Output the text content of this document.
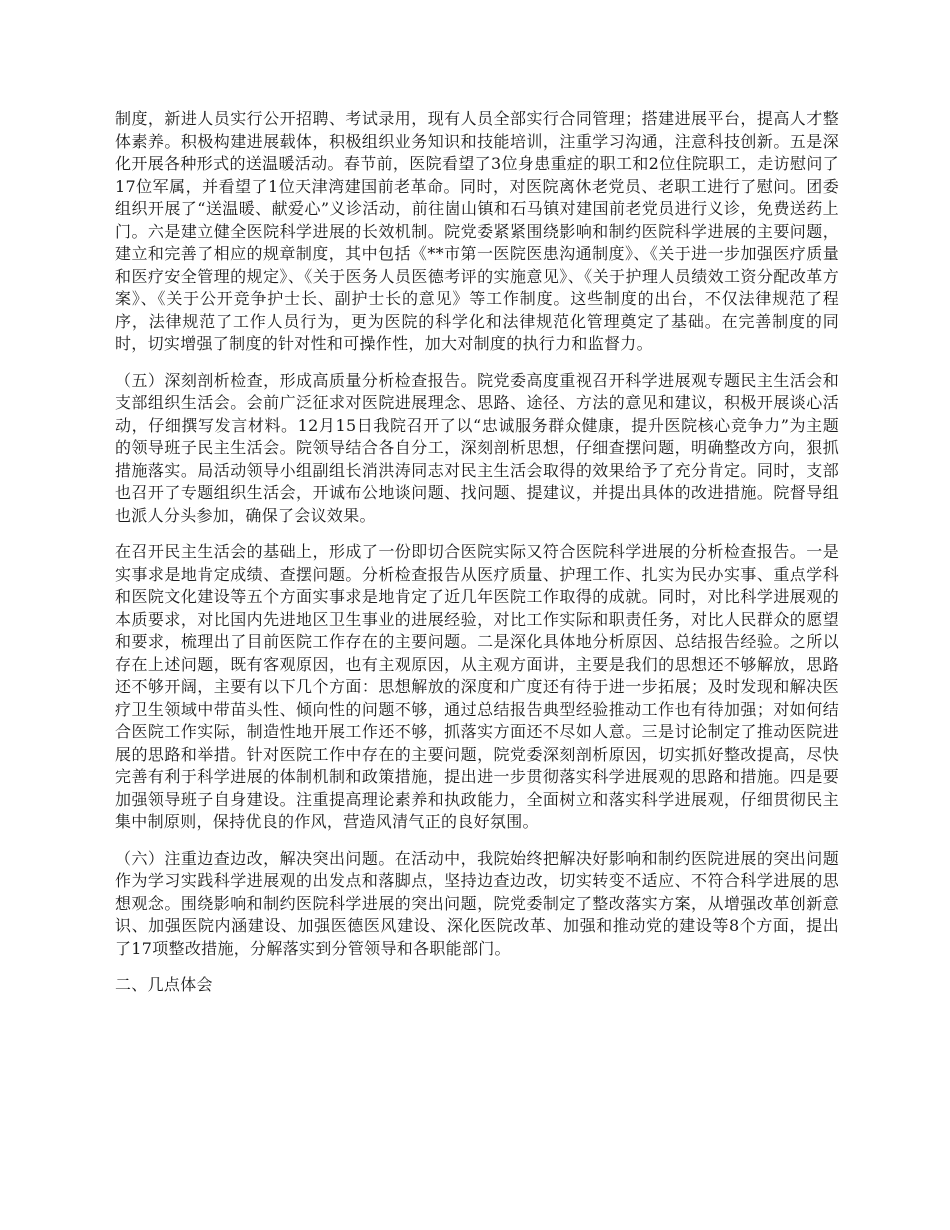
制度，新进人员实行公开招聘、考试录用，现有人员全部实行合同管理；搭建进展平台，提高人才整体素养。积极构建进展载体，积极组织业务知识和技能培训，注重学习沟通，注意科技创新。五是深化开展各种形式的送温暖活动。春节前，医院看望了3位身患重症的职工和2位住院职工，走访慰问了17位军属，并看望了1位天津湾建国前老革命。同时，对医院离休老党员、老职工进行了慰问。团委组织开展了“送温暖、献爱心”义诊活动，前往崮山镇和石马镇对建国前老党员进行义诊，免费送药上门。六是建立健全医院科学进展的长效机制。院党委紧紧围绕影响和制约医院科学进展的主要问题，建立和完善了相应的规章制度，其中包括《**市第一医院医患沟通制度》、《关于进一步加强医疗质量和医疗安全管理的规定》、《关于医务人员医德考评的实施意见》、《关于护理人员绩效工资分配改革方案》、《关于公开竞争护士长、副护士长的意见》等工作制度。这些制度的出台，不仅法律规范了程序，法律规范了工作人员行为，更为医院的科学化和法律规范化管理奠定了基础。在完善制度的同时，切实增强了制度的针对性和可操作性，加大对制度的执行力和监督力。

（五）深刻剖析检查，形成高质量分析检查报告。院党委高度重视召开科学进展观专题民主生活会和支部组织生活会。会前广泛征求对医院进展理念、思路、途径、方法的意见和建议，积极开展谈心活动，仔细撰写发言材料。12月15日我院召开了以“忠诚服务群众健康，提升医院核心竞争力”为主题的领导班子民主生活会。院领导结合各自分工，深刻剖析思想，仔细查摆问题，明确整改方向，狠抓措施落实。局活动领导小组副组长消洪涛同志对民主生活会取得的效果给予了充分肯定。同时，支部也召开了专题组织生活会，开诚布公地谈问题、找问题、提建议，并提出具体的改进措施。院督导组也派人分头参加，确保了会议效果。

在召开民主生活会的基础上，形成了一份即切合医院实际又符合医院科学进展的分析检查报告。一是实事求是地肯定成绩、查摆问题。分析检查报告从医疗质量、护理工作、扎实为民办实事、重点学科和医院文化建设等五个方面实事求是地肯定了近几年医院工作取得的成就。同时，对比科学进展观的本质要求，对比国内先进地区卫生事业的进展经验，对比工作实际和职责任务，对比人民群众的愿望和要求，梳理出了目前医院工作存在的主要问题。二是深化具体地分析原因、总结报告经验。之所以存在上述问题，既有客观原因，也有主观原因，从主观方面讲，主要是我们的思想还不够解放，思路还不够开阔，主要有以下几个方面：思想解放的深度和广度还有待于进一步拓展；及时发现和解决医疗卫生领域中带苗头性、倾向性的问题不够，通过总结报告典型经验推动工作也有待加强；对如何结合医院工作实际，制造性地开展工作还不够，抓落实方面还不尽如人意。三是讨论制定了推动医院进展的思路和举措。针对医院工作中存在的主要问题，院党委深刻剖析原因，切实抓好整改提高，尽快完善有利于科学进展的体制机制和政策措施，提出进一步贯彻落实科学进展观的思路和措施。四是要加强领导班子自身建设。注重提高理论素养和执政能力，全面树立和落实科学进展观，仔细贯彻民主集中制原则，保持优良的作风，营造风清气正的良好氛围。

（六）注重边查边改，解决突出问题。在活动中，我院始终把解决好影响和制约医院进展的突出问题作为学习实践科学进展观的出发点和落脚点，坚持边查边改，切实转变不适应、不符合科学进展的思想观念。围绕影响和制约医院科学进展的突出问题，院党委制定了整改落实方案，从增强改革创新意识、加强医院内涵建设、加强医德医风建设、深化医院改革、加强和推动党的建设等8个方面，提出了17项整改措施，分解落实到分管领导和各职能部门。

二、几点体会
